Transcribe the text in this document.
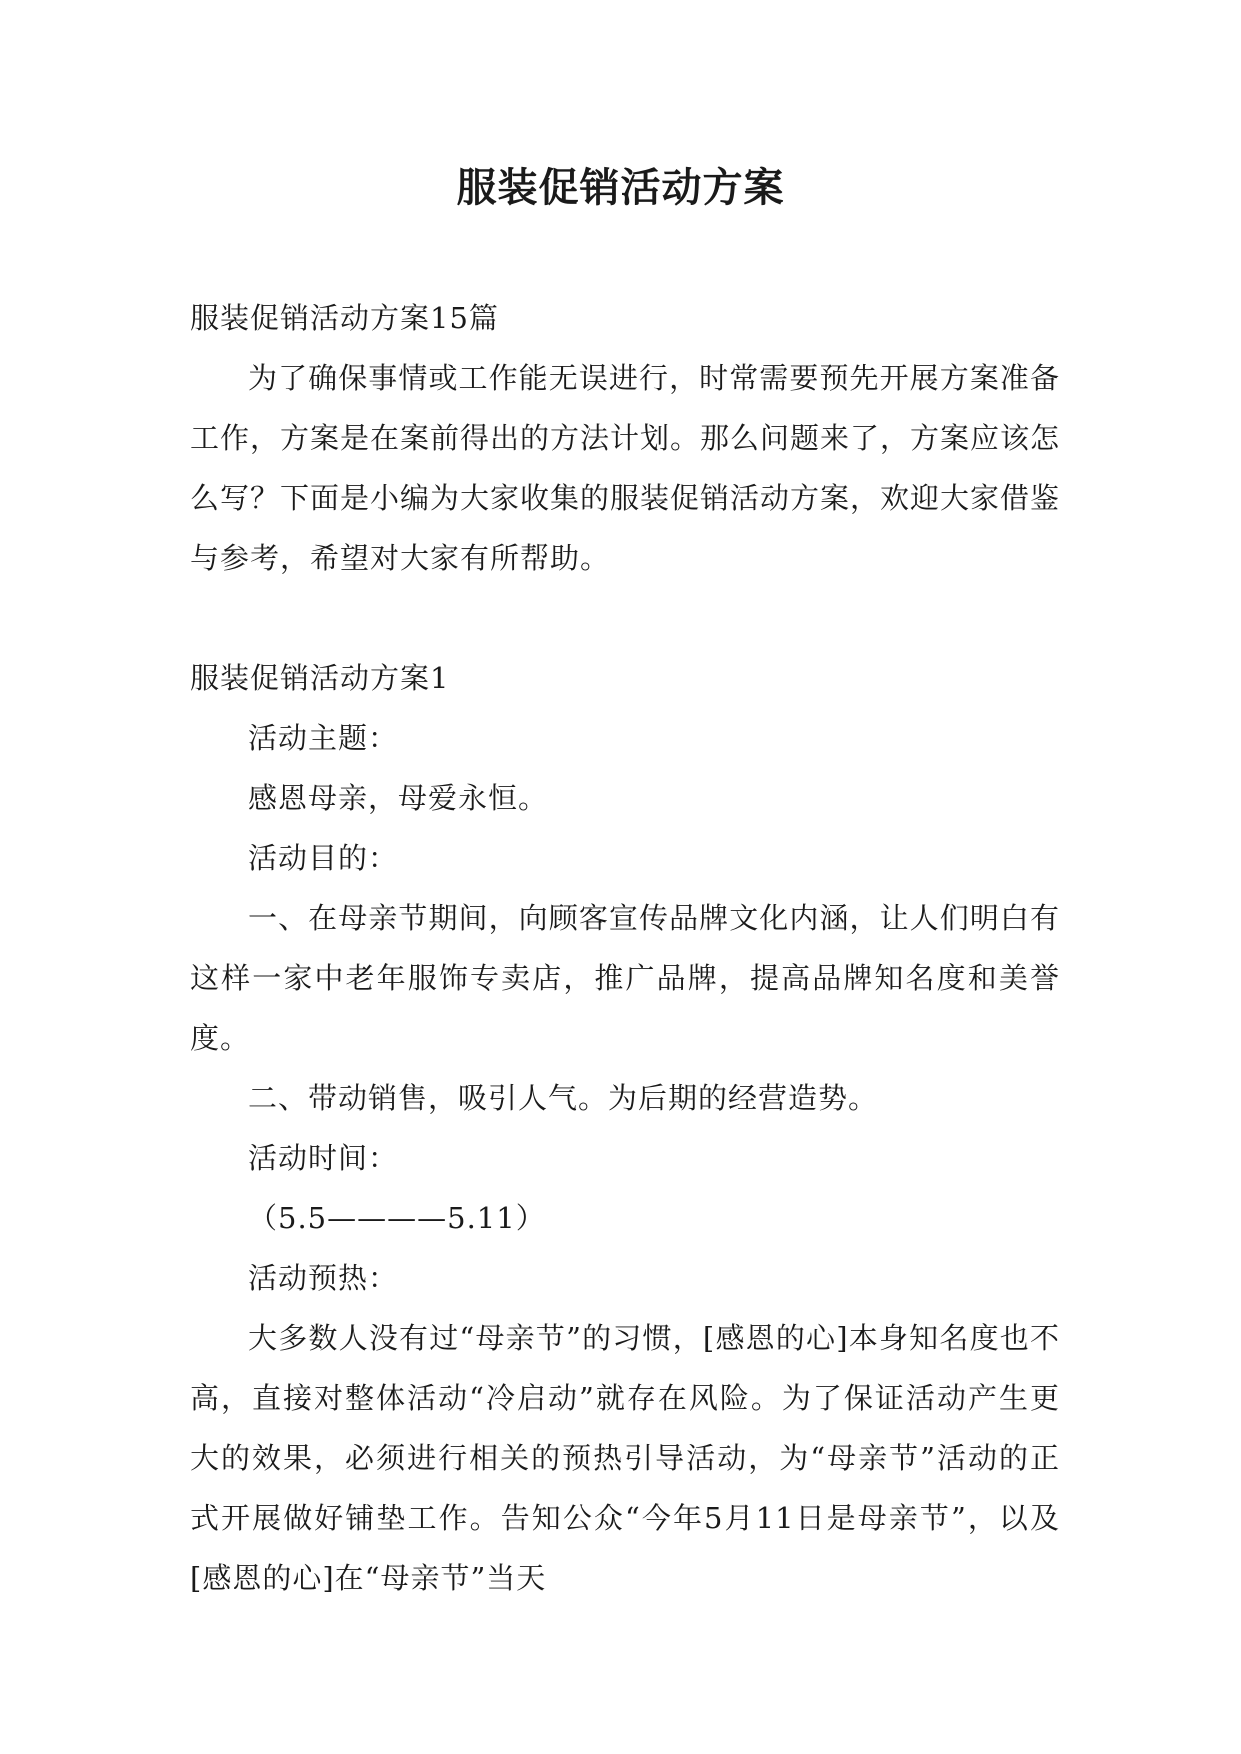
服装促销活动方案

服装促销活动方案15篇

为了确保事情或工作能无误进行，时常需要预先开展方案准备工作，方案是在案前得出的方法计划。那么问题来了，方案应该怎么写？下面是小编为大家收集的服装促销活动方案，欢迎大家借鉴与参考，希望对大家有所帮助。

服装促销活动方案1

活动主题：

感恩母亲，母爱永恒。

活动目的：

一、在母亲节期间，向顾客宣传品牌文化内涵，让人们明白有这样一家中老年服饰专卖店，推广品牌，提高品牌知名度和美誉度。

二、带动销售，吸引人气。为后期的经营造势。

活动时间：

（5.5————5.11）

活动预热：

大多数人没有过“母亲节”的习惯，[感恩的心]本身知名度也不高，直接对整体活动“冷启动”就存在风险。为了保证活动产生更大的效果，必须进行相关的预热引导活动，为“母亲节”活动的正式开展做好铺垫工作。告知公众“今年5月11日是母亲节”，以及[感恩的心]在“母亲节”当天
